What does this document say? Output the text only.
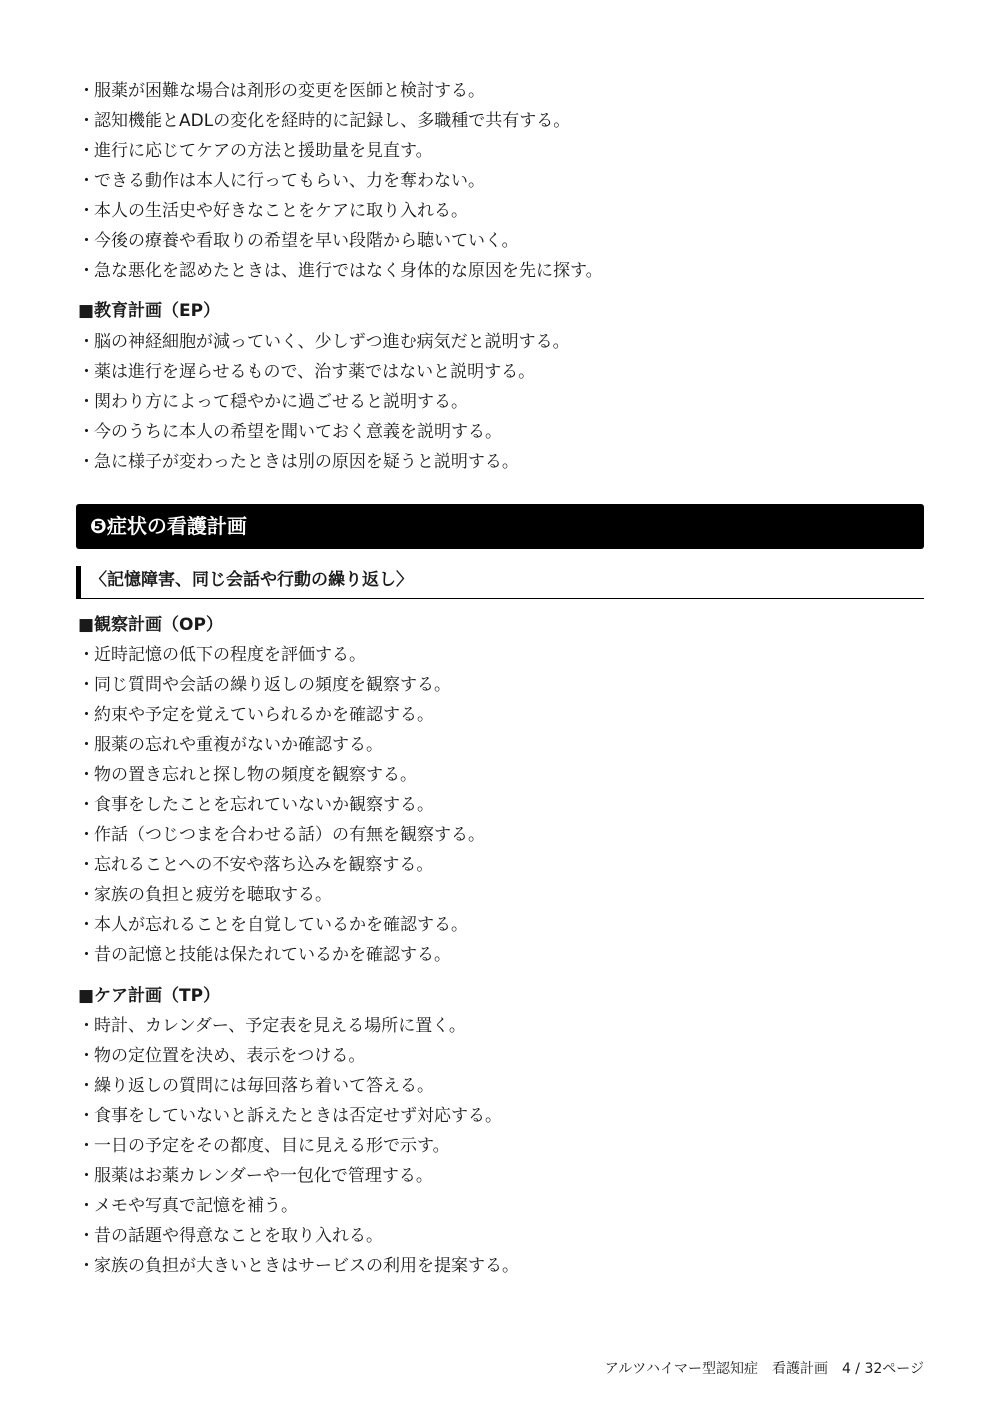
・服薬が困難な場合は剤形の変更を医師と検討する。
・認知機能とADLの変化を経時的に記録し、多職種で共有する。
・進行に応じてケアの方法と援助量を見直す。
・できる動作は本人に行ってもらい、力を奪わない。
・本人の生活史や好きなことをケアに取り入れる。
・今後の療養や看取りの希望を早い段階から聴いていく。
・急な悪化を認めたときは、進行ではなく身体的な原因を先に探す。
■教育計画（EP）
・脳の神経細胞が減っていく、少しずつ進む病気だと説明する。
・薬は進行を遅らせるもので、治す薬ではないと説明する。
・関わり方によって穏やかに過ごせると説明する。
・今のうちに本人の希望を聞いておく意義を説明する。
・急に様子が変わったときは別の原因を疑うと説明する。
❺症状の看護計画
〈記憶障害、同じ会話や行動の繰り返し〉
■観察計画（OP）
・近時記憶の低下の程度を評価する。
・同じ質問や会話の繰り返しの頻度を観察する。
・約束や予定を覚えていられるかを確認する。
・服薬の忘れや重複がないか確認する。
・物の置き忘れと探し物の頻度を観察する。
・食事をしたことを忘れていないか観察する。
・作話（つじつまを合わせる話）の有無を観察する。
・忘れることへの不安や落ち込みを観察する。
・家族の負担と疲労を聴取する。
・本人が忘れることを自覚しているかを確認する。
・昔の記憶と技能は保たれているかを確認する。
■ケア計画（TP）
・時計、カレンダー、予定表を見える場所に置く。
・物の定位置を決め、表示をつける。
・繰り返しの質問には毎回落ち着いて答える。
・食事をしていないと訴えたときは否定せず対応する。
・一日の予定をその都度、目に見える形で示す。
・服薬はお薬カレンダーや一包化で管理する。
・メモや写真で記憶を補う。
・昔の話題や得意なことを取り入れる。
・家族の負担が大きいときはサービスの利用を提案する。
アルツハイマー型認知症　看護計画　4 / 32ページ
